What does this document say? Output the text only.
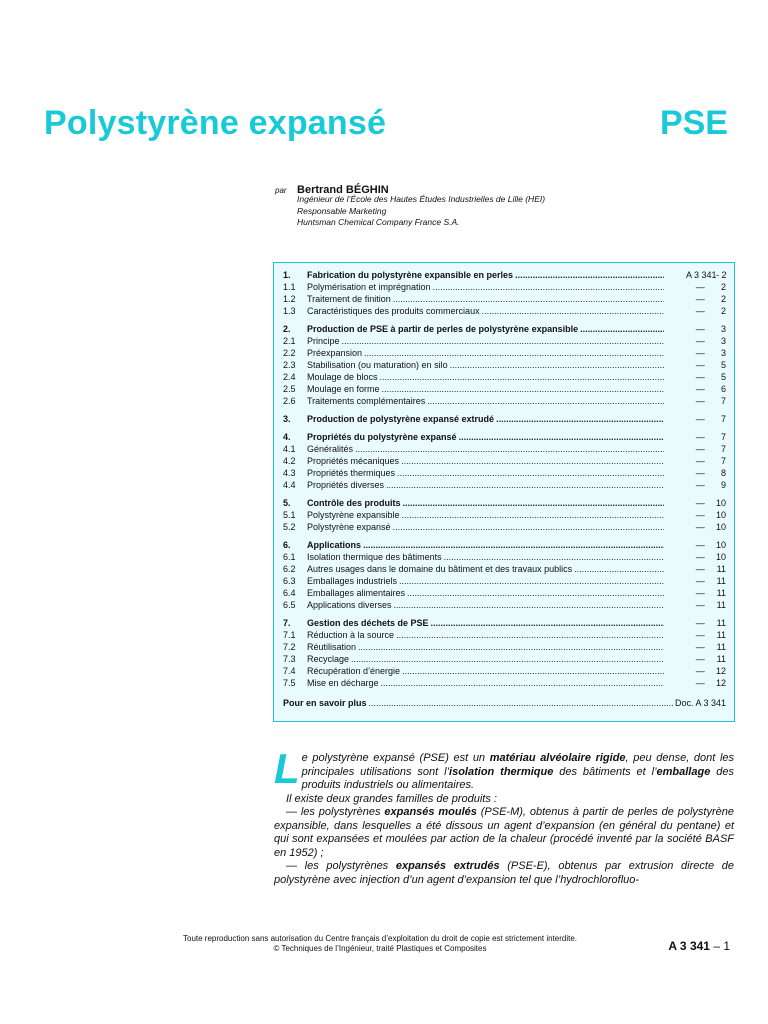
Polystyrène expansé	PSE
par Bertrand BÉGHIN
Ingénieur de l’École des Hautes Études Industrielles de Lille (HEI)
Responsable Marketing
Huntsman Chemical Company France S.A.
1.	Fabrication du polystyrène expansible en perles .....	A 3 341 - 2
1.1	Polymérisation et imprégnation .....	—	2
1.2	Traitement de finition .....	—	2
1.3	Caractéristiques des produits commerciaux .....	—	2
2.	Production de PSE à partir de perles de polystyrène expansible .....	—	3
2.1	Principe .....	—	3
2.2	Préexpansion .....	—	3
2.3	Stabilisation (ou maturation) en silo .....	—	5
2.4	Moulage de blocs .....	—	5
2.5	Moulage en forme .....	—	6
2.6	Traitements complémentaires .....	—	7
3.	Production de polystyrène expansé extrudé .....	—	7
4.	Propriétés du polystyrène expansé .....	—	7
4.1	Généralités .....	—	7
4.2	Propriétés mécaniques .....	—	7
4.3	Propriétés thermiques .....	—	8
4.4	Propriétés diverses .....	—	9
5.	Contrôle des produits .....	—	10
5.1	Polystyrène expansible .....	—	10
5.2	Polystyrène expansé .....	—	10
6.	Applications .....	—	10
6.1	Isolation thermique des bâtiments .....	—	10
6.2	Autres usages dans le domaine du bâtiment et des travaux publics .....	—	11
6.3	Emballages industriels .....	—	11
6.4	Emballages alimentaires .....	—	11
6.5	Applications diverses .....	—	11
7.	Gestion des déchets de PSE .....	—	11
7.1	Réduction à la source .....	—	11
7.2	Réutilisation .....	—	11
7.3	Recyclage .....	—	11
7.4	Récupération d’énergie .....	—	12
7.5	Mise en décharge .....	—	12
Pour en savoir plus .....	Doc. A 3 341
L e polystyrène expansé (PSE) est un matériau alvéolaire rigide, peu dense, dont les principales utilisations sont l’isolation thermique des bâtiments et l’emballage des produits industriels ou alimentaires.

Il existe deux grandes familles de produits :

— les polystyrènes expansés moulés (PSE-M), obtenus à partir de perles de polystyrène expansible, dans lesquelles a été dissous un agent d’expansion (en général du pentane) et qui sont expansées et moulées par action de la chaleur (procédé inventé par la société BASF en 1952) ;

— les polystyrènes expansés extrudés (PSE-E), obtenus par extrusion directe de polystyrène avec injection d’un agent d’expansion tel que l’hydrochlorofluo-

Toute reproduction sans autorisation du Centre français d’exploitation du droit de copie est strictement interdite.
© Techniques de l’Ingénieur, traité Plastiques et Composites	A 3 341 – 1
